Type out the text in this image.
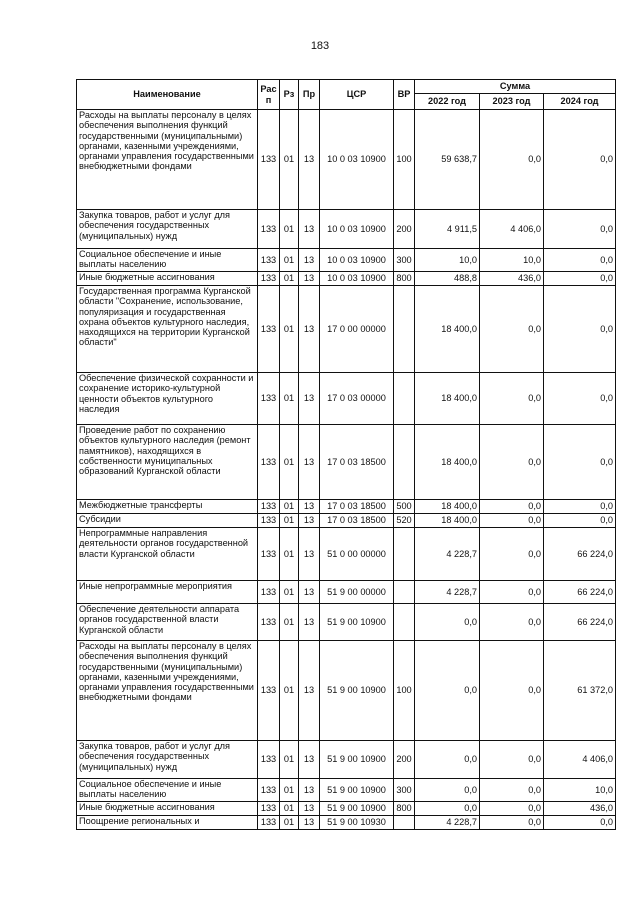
183
Наименование	Рас п	Рз	Пр	ЦСР	ВР	Сумма		
						2022 год	2023 год	2024 год
Расходы на выплаты персоналу в целях обеспечения выполнения функций государственными (муниципальными) органами, казенными учреждениями, органами управления государственными внебюджетными фондами	133	01	13	10 0 03 10900	100	59 638,7	0,0	0,0
Закупка товаров, работ и услуг для обеспечения государственных (муниципальных) нужд	133	01	13	10 0 03 10900	200	4 911,5	4 406,0	0,0
Социальное обеспечение и иные выплаты населению	133	01	13	10 0 03 10900	300	10,0	10,0	0,0
Иные бюджетные ассигнования	133	01	13	10 0 03 10900	800	488,8	436,0	0,0
Государственная программа Курганской области "Сохранение, использование, популяризация и государственная охрана объектов культурного наследия, находящихся на территории Курганской области"	133	01	13	17 0 00 00000		18 400,0	0,0	0,0
Обеспечение физической сохранности и сохранение историко-культурной ценности объектов культурного наследия	133	01	13	17 0 03 00000		18 400,0	0,0	0,0
Проведение работ по сохранению объектов культурного наследия (ремонт памятников), находящихся в собственности муниципальных образований Курганской области	133	01	13	17 0 03 18500		18 400,0	0,0	0,0
Межбюджетные трансферты	133	01	13	17 0 03 18500	500	18 400,0	0,0	0,0
Субсидии	133	01	13	17 0 03 18500	520	18 400,0	0,0	0,0
Непрограммные направления деятельности органов государственной власти Курганской области	133	01	13	51 0 00 00000		4 228,7	0,0	66 224,0
Иные непрограммные мероприятия	133	01	13	51 9 00 00000		4 228,7	0,0	66 224,0
Обеспечение деятельности аппарата органов государственной власти Курганской области	133	01	13	51 9 00 10900		0,0	0,0	66 224,0
Расходы на выплаты персоналу в целях обеспечения выполнения функций государственными (муниципальными) органами, казенными учреждениями, органами управления государственными внебюджетными фондами	133	01	13	51 9 00 10900	100	0,0	0,0	61 372,0
Закупка товаров, работ и услуг для обеспечения государственных (муниципальных) нужд	133	01	13	51 9 00 10900	200	0,0	0,0	4 406,0
Социальное обеспечение и иные выплаты населению	133	01	13	51 9 00 10900	300	0,0	0,0	10,0
Иные бюджетные ассигнования	133	01	13	51 9 00 10900	800	0,0	0,0	436,0
Поощрение региональных и	133	01	13	51 9 00 10930		4 228,7	0,0	0,0
